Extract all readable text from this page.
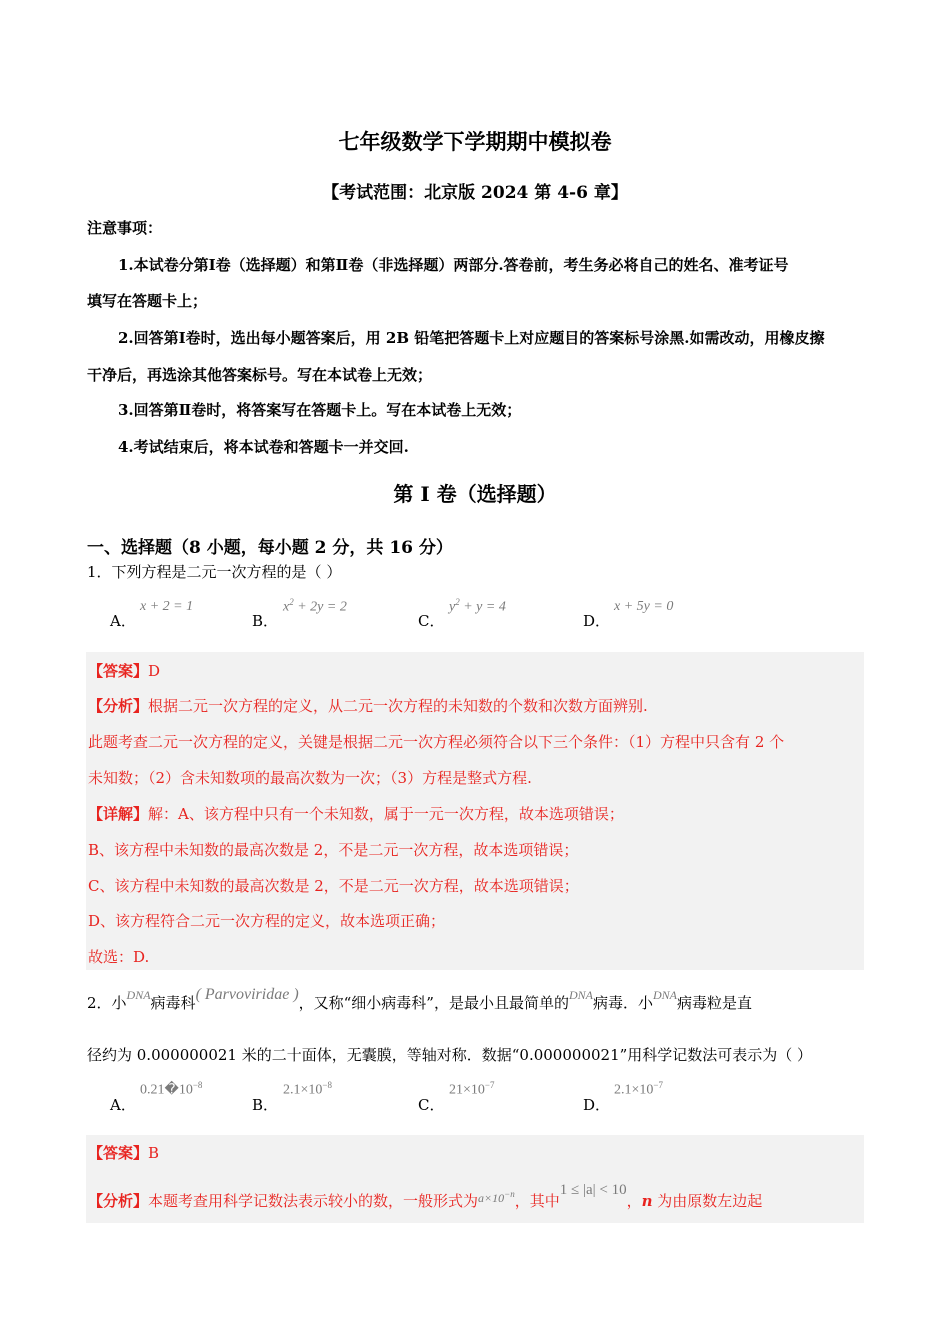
七年级数学下学期期中模拟卷
【考试范围：北京版 2024 第 4-6 章】
注意事项：
1.本试卷分第Ⅰ卷（选择题）和第Ⅱ卷（非选择题）两部分.答卷前，考生务必将自己的姓名、准考证号
填写在答题卡上；
2.回答第Ⅰ卷时，选出每小题答案后，用 2B 铅笔把答题卡上对应题目的答案标号涂黑.如需改动，用橡皮擦
干净后，再选涂其他答案标号。写在本试卷上无效；
3.回答第Ⅱ卷时，将答案写在答题卡上。写在本试卷上无效；
4.考试结束后，将本试卷和答题卡一并交回.
第 I 卷（选择题）
一、选择题（8 小题，每小题 2 分，共 16 分）
1．下列方程是二元一次方程的是（ ）
A．
x + 2 = 1
B．
$x^2 + 2y = 2$
C．
$y^2 + y = 4$
D．
x + 5y = 0
【答案】D
【分析】根据二元一次方程的定义，从二元一次方程的未知数的个数和次数方面辨别.
此题考查二元一次方程的定义，关键是根据二元一次方程必须符合以下三个条件：（1）方程中只含有 2 个
未知数；（2）含未知数项的最高次数为一次；（3）方程是整式方程.
【详解】解：A、该方程中只有一个未知数，属于一元一次方程，故本选项错误；
B、该方程中未知数的最高次数是 2，不是二元一次方程，故本选项错误；
C、该方程中未知数的最高次数是 2，不是二元一次方程，故本选项错误；
D、该方程符合二元一次方程的定义，故本选项正确；
故选：D.
2．小$^{DNA}$病毒科( Parvoviridae )，又称“细小病毒科”，是最小且最简单的$^{DNA}$病毒．小$^{DNA}$病毒粒是直
径约为 0.000000021 米的二十面体，无囊膜，等轴对称．数据“0.000000021”用科学记数法可表示为（ ）
A．
$0.21�10^{-8}$
B．
$2.1\times 10^{-8}$
C．
$21\times 10^{-7}$
D．
$2.1\times 10^{-7}$
【答案】B
【分析】本题考查用科学记数法表示较小的数，一般形式为$^{a\times 10^{-n}}$，其中1 ≤ |a| < 10，n 为由原数左边起
